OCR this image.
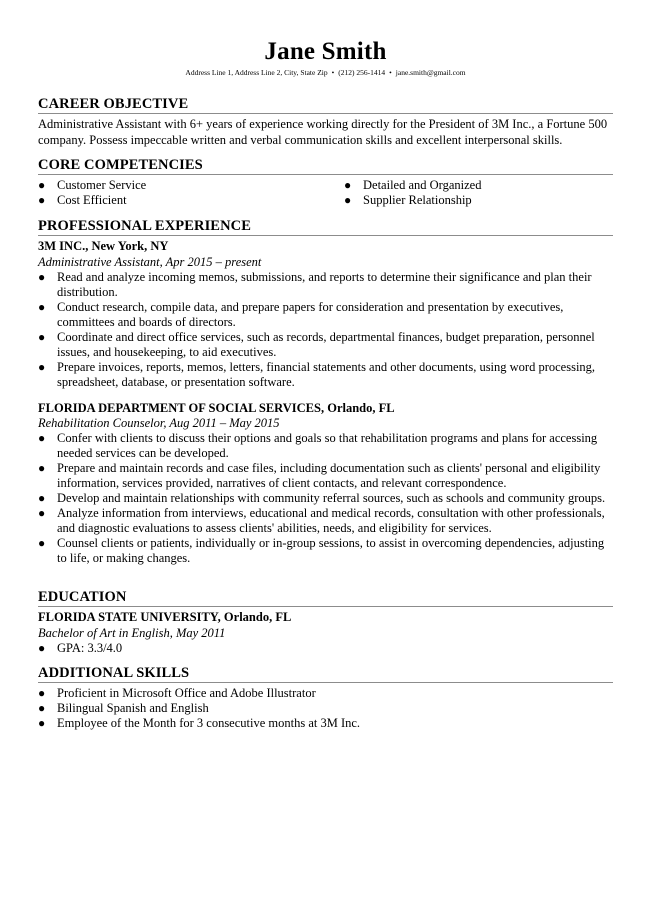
Jane Smith

Address Line 1, Address Line 2, City, State Zip • (212) 256-1414 • jane.smith@gmail.com

CAREER OBJECTIVE

Administrative Assistant with 6+ years of experience working directly for the President of 3M Inc., a Fortune 500 company. Possess impeccable written and verbal communication skills and excellent interpersonal skills.

CORE COMPETENCIES
● Customer Service
● Cost Efficient
● Detailed and Organized
● Supplier Relationship
PROFESSIONAL EXPERIENCE

3M INC., New York, NY

Administrative Assistant, Apr 2015 – present

● Read and analyze incoming memos, submissions, and reports to determine their significance and plan their distribution.
● Conduct research, compile data, and prepare papers for consideration and presentation by executives, committees and boards of directors.
● Coordinate and direct office services, such as records, departmental finances, budget preparation, personnel issues, and housekeeping, to aid executives.
● Prepare invoices, reports, memos, letters, financial statements and other documents, using word processing, spreadsheet, database, or presentation software.

FLORIDA DEPARTMENT OF SOCIAL SERVICES, Orlando, FL

Rehabilitation Counselor, Aug 2011 – May 2015

● Confer with clients to discuss their options and goals so that rehabilitation programs and plans for accessing needed services can be developed.
● Prepare and maintain records and case files, including documentation such as clients' personal and eligibility information, services provided, narratives of client contacts, and relevant correspondence.
● Develop and maintain relationships with community referral sources, such as schools and community groups.
● Analyze information from interviews, educational and medical records, consultation with other professionals, and diagnostic evaluations to assess clients' abilities, needs, and eligibility for services.
● Counsel clients or patients, individually or in-group sessions, to assist in overcoming dependencies, adjusting to life, or making changes.
EDUCATION

FLORIDA STATE UNIVERSITY, Orlando, FL

Bachelor of Art in English, May 2011

● GPA: 3.3/4.0
ADDITIONAL SKILLS
● Proficient in Microsoft Office and Adobe Illustrator
● Bilingual Spanish and English
● Employee of the Month for 3 consecutive months at 3M Inc.
